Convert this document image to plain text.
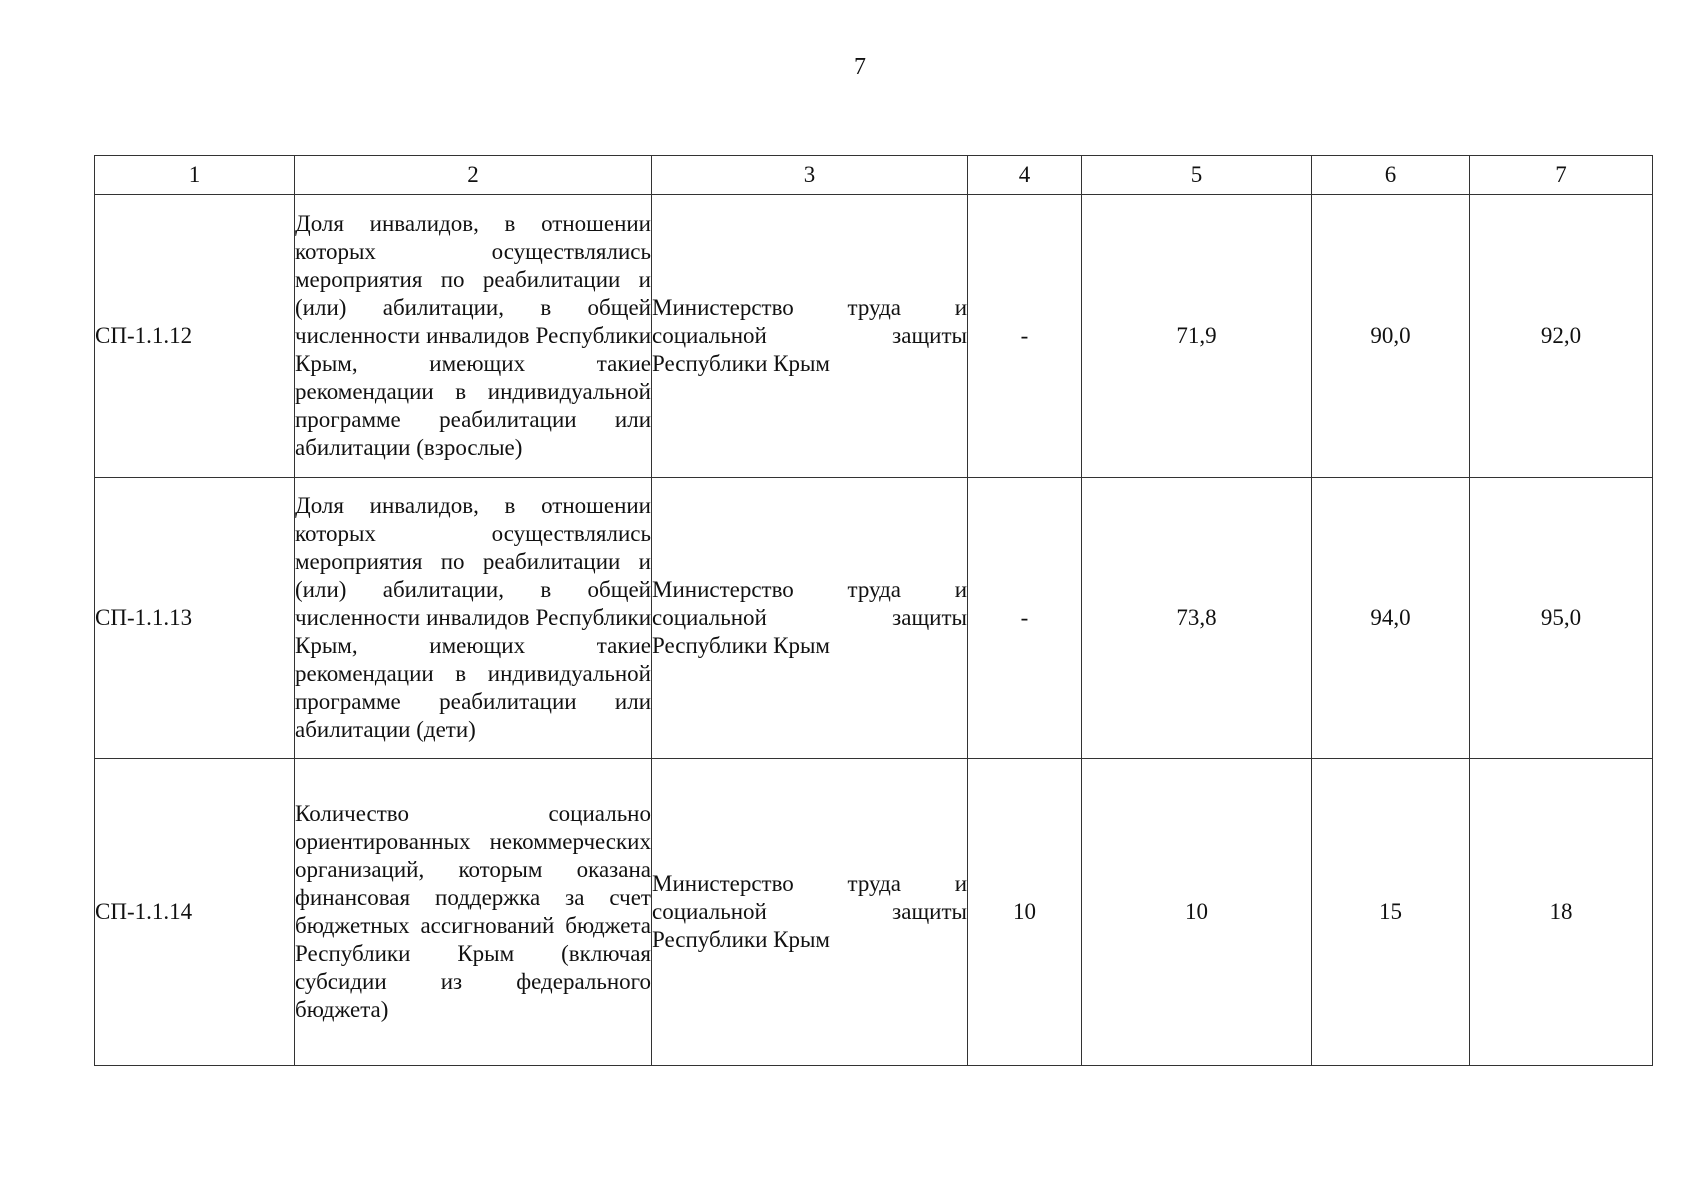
7
1	2	3	4	5	6	7
СП-1.1.12	Доля инвалидов, в отношении которых осуществлялись мероприятия по реабилитации и (или) абилитации, в общей численности инвалидов Республики Крым, имеющих такие рекомендации в индивидуальной программе реабилитации или абилитации (взрослые)	Министерство труда и социальной защиты Республики Крым	-	71,9	90,0	92,0
СП-1.1.13	Доля инвалидов, в отношении которых осуществлялись мероприятия по реабилитации и (или) абилитации, в общей численности инвалидов Республики Крым, имеющих такие рекомендации в индивидуальной программе реабилитации или абилитации (дети)	Министерство труда и социальной защиты Республики Крым	-	73,8	94,0	95,0
СП-1.1.14	Количество социально ориентированных некоммерческих организаций, которым оказана финансовая поддержка за счет бюджетных ассигнований бюджета Республики Крым (включая субсидии из федерального бюджета)	Министерство труда и социальной защиты Республики Крым	10	10	15	18
